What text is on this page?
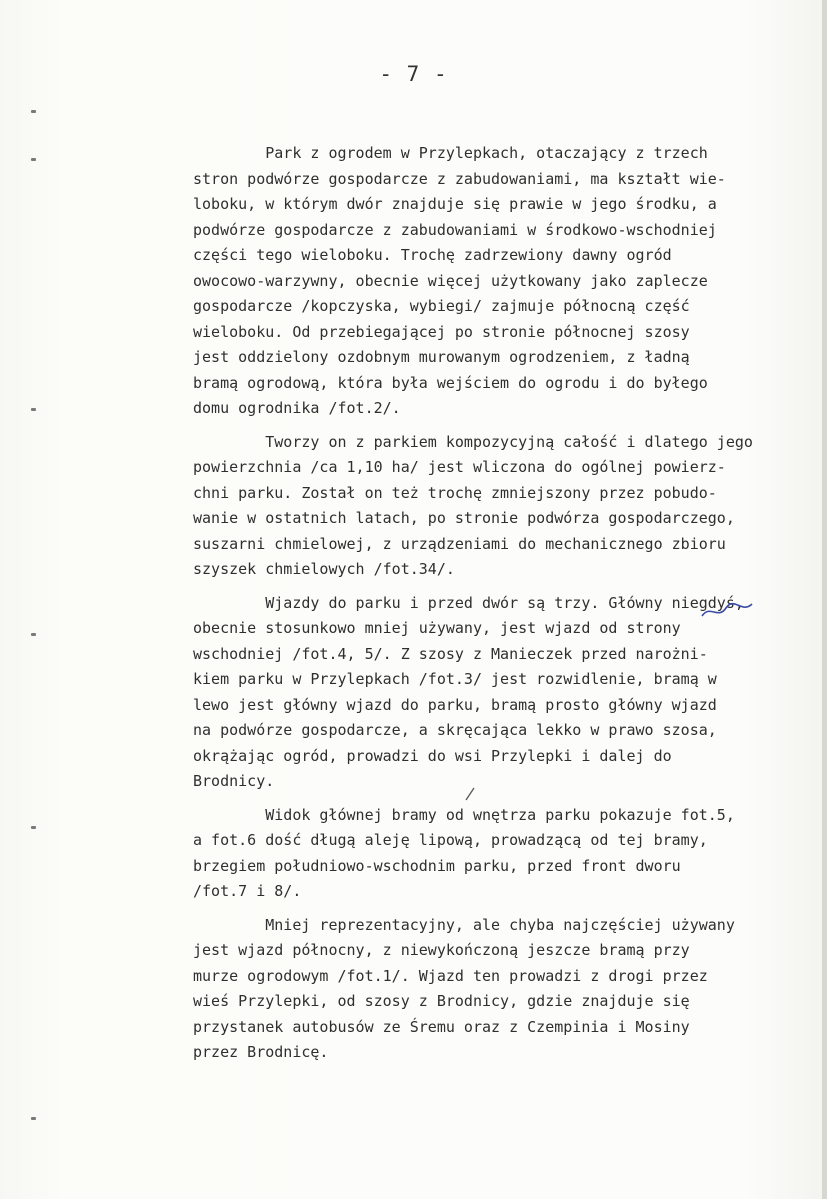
- 7 -
Park z ogrodem w Przylepkach, otaczający z trzech
stron podwórze gospodarcze z zabudowaniami, ma kształt wie-
loboku, w którym dwór znajduje się prawie w jego środku, a
podwórze gospodarcze z zabudowaniami w środkowo-wschodniej
części tego wieloboku. Trochę zadrzewiony dawny ogród
owocowo-warzywny, obecnie więcej użytkowany jako zaplecze
gospodarcze /kopczyska, wybiegi/ zajmuje północną część
wieloboku. Od przebiegającej po stronie północnej szosy
jest oddzielony ozdobnym murowanym ogrodzeniem, z ładną
bramą ogrodową, która była wejściem do ogrodu i do byłego
domu ogrodnika /fot.2/.
Tworzy on z parkiem kompozycyjną całość i dlatego jego
powierzchnia /ca 1,10 ha/ jest wliczona do ogólnej powierz-
chni parku. Został on też trochę zmniejszony przez pobudo-
wanie w ostatnich latach, po stronie podwórza gospodarczego,
suszarni chmielowej, z urządzeniami do mechanicznego zbioru
szyszek chmielowych /fot.34/.
Wjazdy do parku i przed dwór są trzy. Główny niegdyś,
obecnie stosunkowo mniej używany, jest wjazd od strony
wschodniej /fot.4, 5/. Z szosy z Manieczek przed narożni-
kiem parku w Przylepkach /fot.3/ jest rozwidlenie, bramą w
lewo jest główny wjazd do parku, bramą prosto główny wjazd
na podwórze gospodarcze, a skręcająca lekko w prawo szosa,
okrążając ogród, prowadzi do wsi Przylepki i dalej do
Brodnicy.
Widok głównej bramy od wnętrza parku pokazuje fot.5,
a fot.6 dość długą aleję lipową, prowadzącą od tej bramy,
brzegiem południowo-wschodnim parku, przed front dworu
/fot.7 i 8/.
Mniej reprezentacyjny, ale chyba najczęściej używany
jest wjazd północny, z niewykończoną jeszcze bramą przy
murze ogrodowym /fot.1/. Wjazd ten prowadzi z drogi przez
wieś Przylepki, od szosy z Brodnicy, gdzie znajduje się
przystanek autobusów ze Śremu oraz z Czempinia i Mosiny
przez Brodnicę.
